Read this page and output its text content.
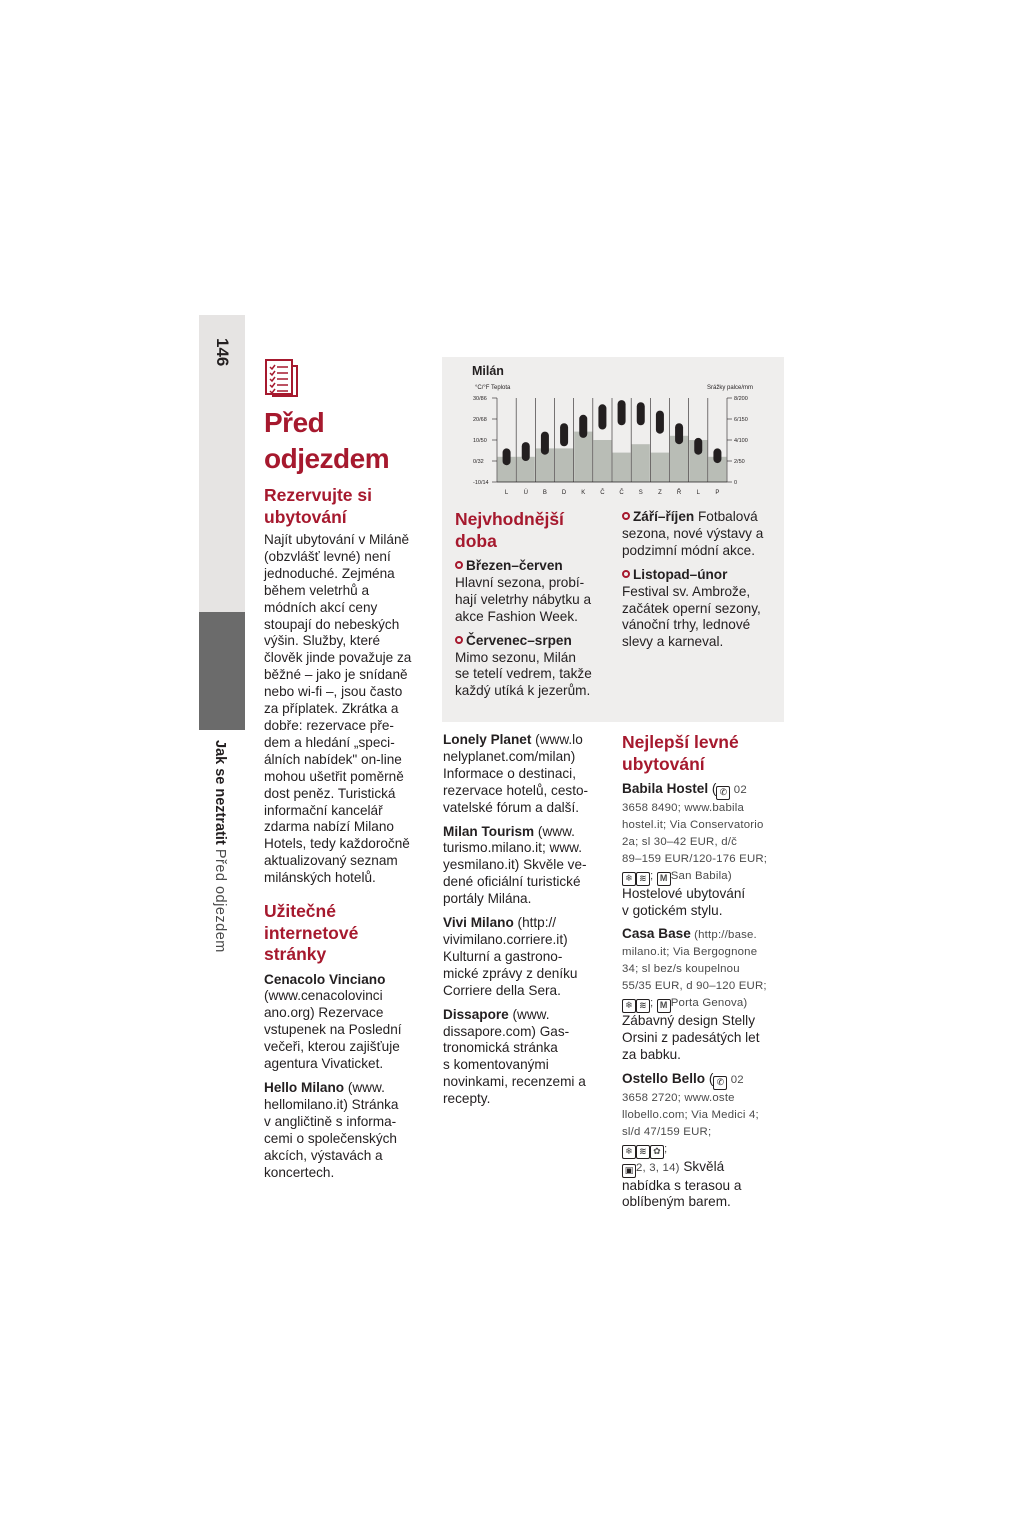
146
Jak se neztratit Před odjezdem
Před
odjezdem
Rezervujte si
ubytování
Najít ubytování v Miláně
(obzvlášť levné) není
jednoduché. Zejména
během veletrhů a
módních akcí ceny
stoupají do nebeských
výšin. Služby, které
člověk jinde považuje za
běžné – jako je snídaně
nebo wi-fi –, jsou často
za příplatek. Zkrátka a
dobře: rezervace pře-
dem a hledání „speci-
álních nabídek" on-line
mohou ušetřit poměrně
dost peněz. Turistická
informační kancelář
zdarma nabízí Milano
Hotels, tedy každoročně
aktualizovaný seznam
milánských hotelů.
Užitečné
internetové
stránky
Cenacolo Vinciano
(www.cenacolovinci
ano.org) Rezervace
vstupenek na Poslední
večeři, kterou zajišťuje
agentura Vivaticket.
Hello Milano (www.
hellomilano.it) Stránka
v angličtině s informa-
cemi o společenských
akcích, výstavách a
koncertech.
Milán
°C/°F Teplota	Srážky palce/mm
30/86
20/68
10/50
0/32
-10/14
8/200
6/150
4/100
2/50
0
L	Ú B D K Č Č S	Z	Ř	L	P
Nejvhodnější
doba
Březen–červen
Hlavní sezona, probí-
hají veletrhy nábytku a
akce Fashion Week.
Červenec–srpen
Mimo sezonu, Milán
se tetelí vedrem, takže
každý utíká k jezerům.
Září–říjen Fotbalová
sezona, nové výstavy a
podzimní módní akce.
Listopad–únor
Festival sv. Ambrože,
začátek operní sezony,
vánoční trhy, lednové
slevy a karneval.
Lonely Planet (www.lo
nelyplanet.com/milan)
Informace o destinaci,
rezervace hotelů, cesto-
vatelské fórum a další.
Milan Tourism (www.
turismo.milano.it; www.
yesmilano.it) Skvěle ve-
dené oficiální turistické
portály Milána.
Vivi Milano (http://
vivimilano.corriere.it)
Kulturní a gastrono-
mické zprávy z deníku
Corriere della Sera.
Dissapore (www.
dissapore.com) Gas-
tronomická stránka
s komentovanými
novinkami, recenzemi a
recepty.
Nejlepší levné
ubytování
Babila Hostel ( ✆ 02
3658 8490; www.babila
hostel.it; Via Conservatorio
2a; sl 30–42 EUR, d/č
89–159 EUR/120-176 EUR;
❄ ≋ ; M San Babila)
Hostelové ubytování
v gotickém stylu.
Casa Base (http://base.
milano.it; Via Bergognone
34; sl bez/s koupelnou
55/35 EUR, d 90–120 EUR;
❄ ≋ ; M Porta Genova)
Zábavný design Stelly
Orsini z padesátých let
za babku.
Ostello Bello ( ✆ 02
3658 2720; www.oste
llobello.com; Via Medici 4;
sl/d 47/159 EUR;
❄ ≋ ✿ ;
▣ 2, 3, 14) Skvělá
nabídka s terasou a
oblíbeným barem.
